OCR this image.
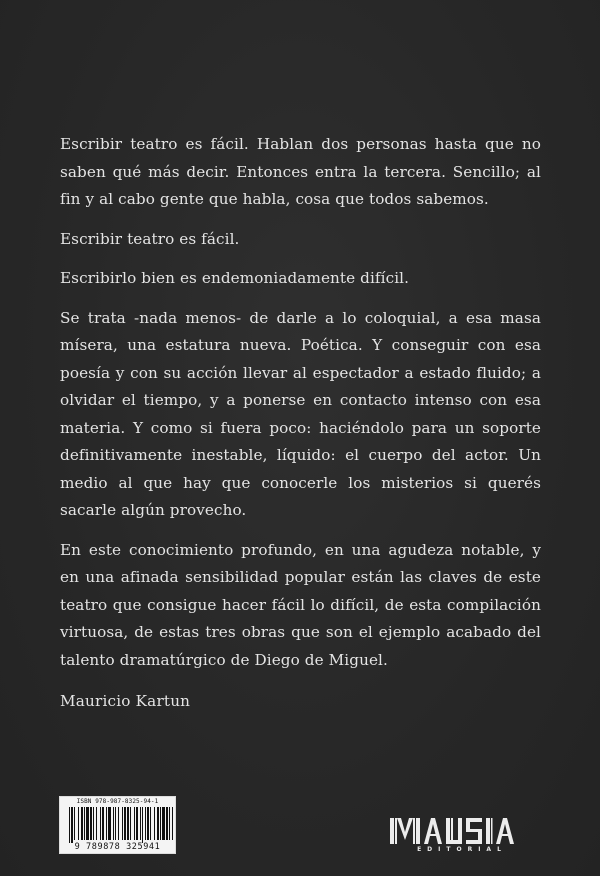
Escribir teatro es fácil. Hablan dos personas hasta que no saben qué más decir. Entonces entra la tercera. Sencillo; al fin y al cabo gente que habla, cosa que todos sabemos.

Escribir teatro es fácil.

Escribirlo bien es endemoniadamente difícil.

Se trata -nada menos- de darle a lo coloquial, a esa masa mísera, una estatura nueva. Poética. Y conseguir con esa poesía y con su acción llevar al espectador a estado fluido; a olvidar el tiempo, y a ponerse en contacto intenso con esa materia. Y como si fuera poco: haciéndolo para un soporte definitivamente inestable, líquido: el cuerpo del actor. Un medio al que hay que conocerle los misterios si querés sacarle algún provecho.

En este conocimiento profundo, en una agudeza notable, y en una afinada sensibilidad popular están las claves de este teatro que consigue hacer fácil lo difícil, de esta compilación virtuosa, de estas tres obras que son el ejemplo acabado del talento dramatúrgico de Diego de Miguel.

Mauricio Kartun
ISBN 978-987-8325-94-1
9 789878 325941	EDITORIAL
